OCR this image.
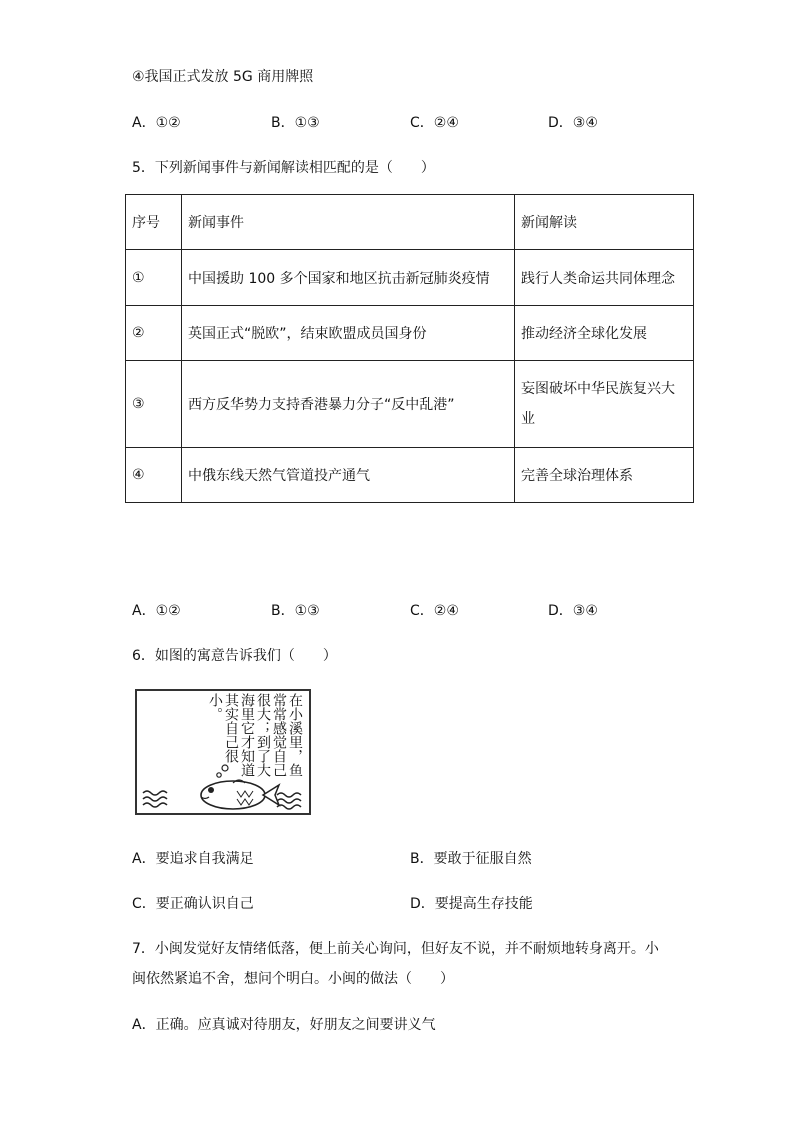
④我国正式发放 5G 商用牌照
A．①②	B．①③	C．②④	D．③④
5．下列新闻事件与新闻解读相匹配的是（　　）
序号	新闻事件	新闻解读
①	中国援助 100 多个国家和地区抗击新冠肺炎疫情	践行人类命运共同体理念
②	英国正式“脱欧”，结束欧盟成员国身份	推动经济全球化发展
③	西方反华势力支持香港暴力分子“反中乱港”	妄图破坏中华民族复兴大业
④	中俄东线天然气管道投产通气	完善全球治理体系
A．①②	B．①③	C．②④	D．③④
6．如图的寓意告诉我们（　　）
在小溪里，鱼常常感觉自己很大；到了大海里它才知道其实自己很小。
A．要追求自我满足	B．要敢于征服自然
C．要正确认识自己	D．要提高生存技能
7．小闽发觉好友情绪低落，便上前关心询问，但好友不说，并不耐烦地转身离开。小
闽依然紧追不舍，想问个明白。小闽的做法（　　）
A．正确。应真诚对待朋友，好朋友之间要讲义气
